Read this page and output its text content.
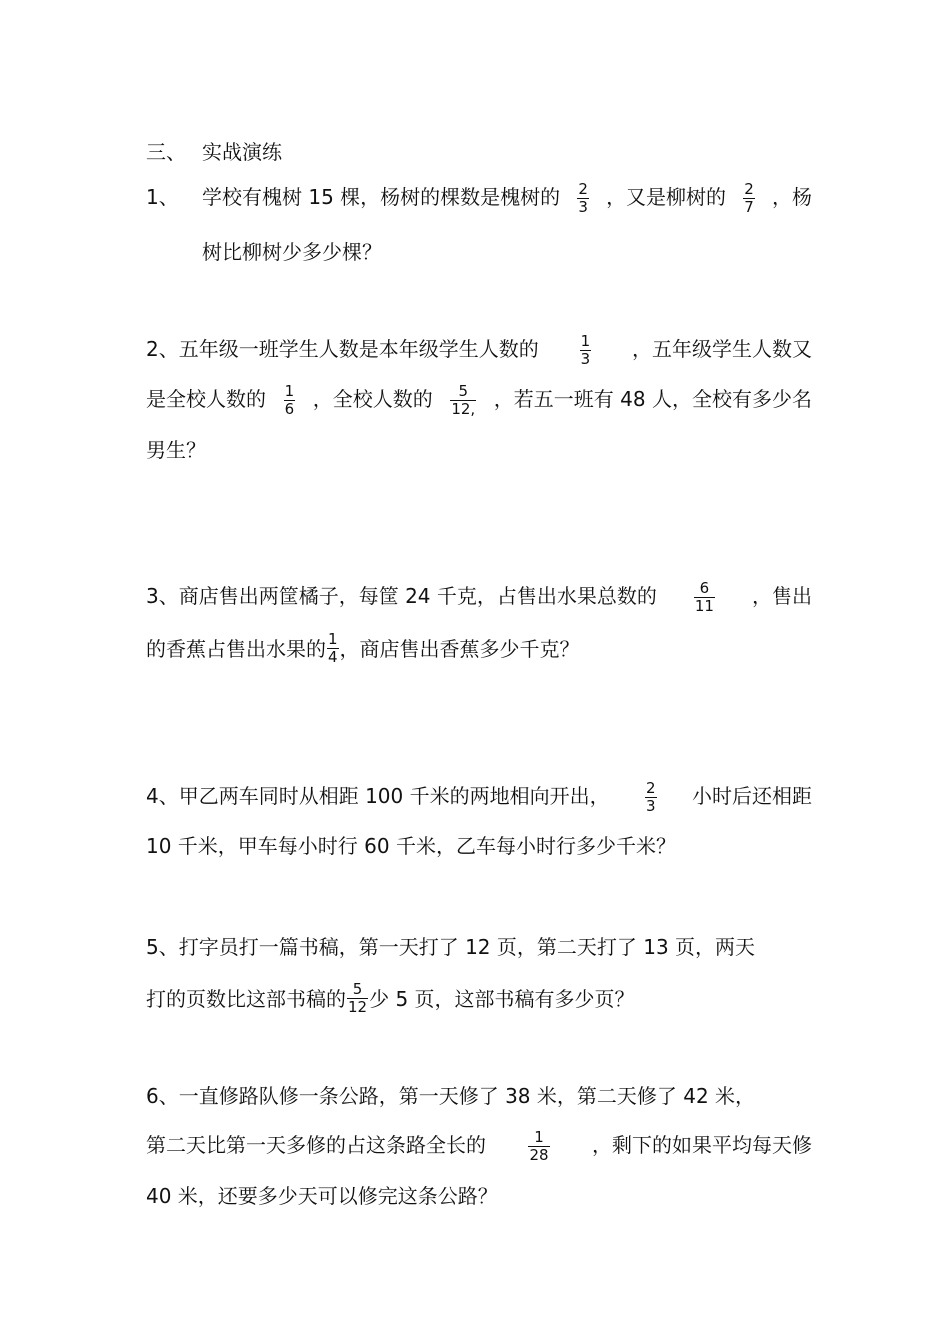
三、 实战演练
1、 学校有槐树 15 棵，杨树的棵数是槐树的 $\frac{2}{3}$ ，又是柳树的 $\frac{2}{7}$ ，杨
树比柳树少多少棵？
2、五年级一班学生人数是本年级学生人数的	$\frac{1}{3}$ ，五年级学生人数又
是全校人数的 $\frac{1}{6}$ ，全校人数的 $\frac{5}{12,}$ ，若五一班有 48 人，全校有多少名
男生？
3、商店售出两筐橘子，每筐 24 千克，占售出水果总数的 $\frac{6}{11}$ ，售出
的香蕉占售出水果的 $\frac{1}{4}$ ，商店售出香蕉多少千克？
4、甲乙两车同时从相距 100 千米的两地相向开出， $\frac{2}{3}$ 小时后还相距
10 千米，甲车每小时行 60 千米，乙车每小时行多少千米？
5、打字员打一篇书稿，第一天打了 12 页，第二天打了 13 页，两天
打的页数比这部书稿的 $\frac{5}{12}$ 少 5 页，这部书稿有多少页？
6、一直修路队修一条公路，第一天修了 38 米，第二天修了 42 米，
第二天比第一天多修的占这条路全长的	$\frac{1}{28}$ ，剩下的如果平均每天修
40 米，还要多少天可以修完这条公路？
